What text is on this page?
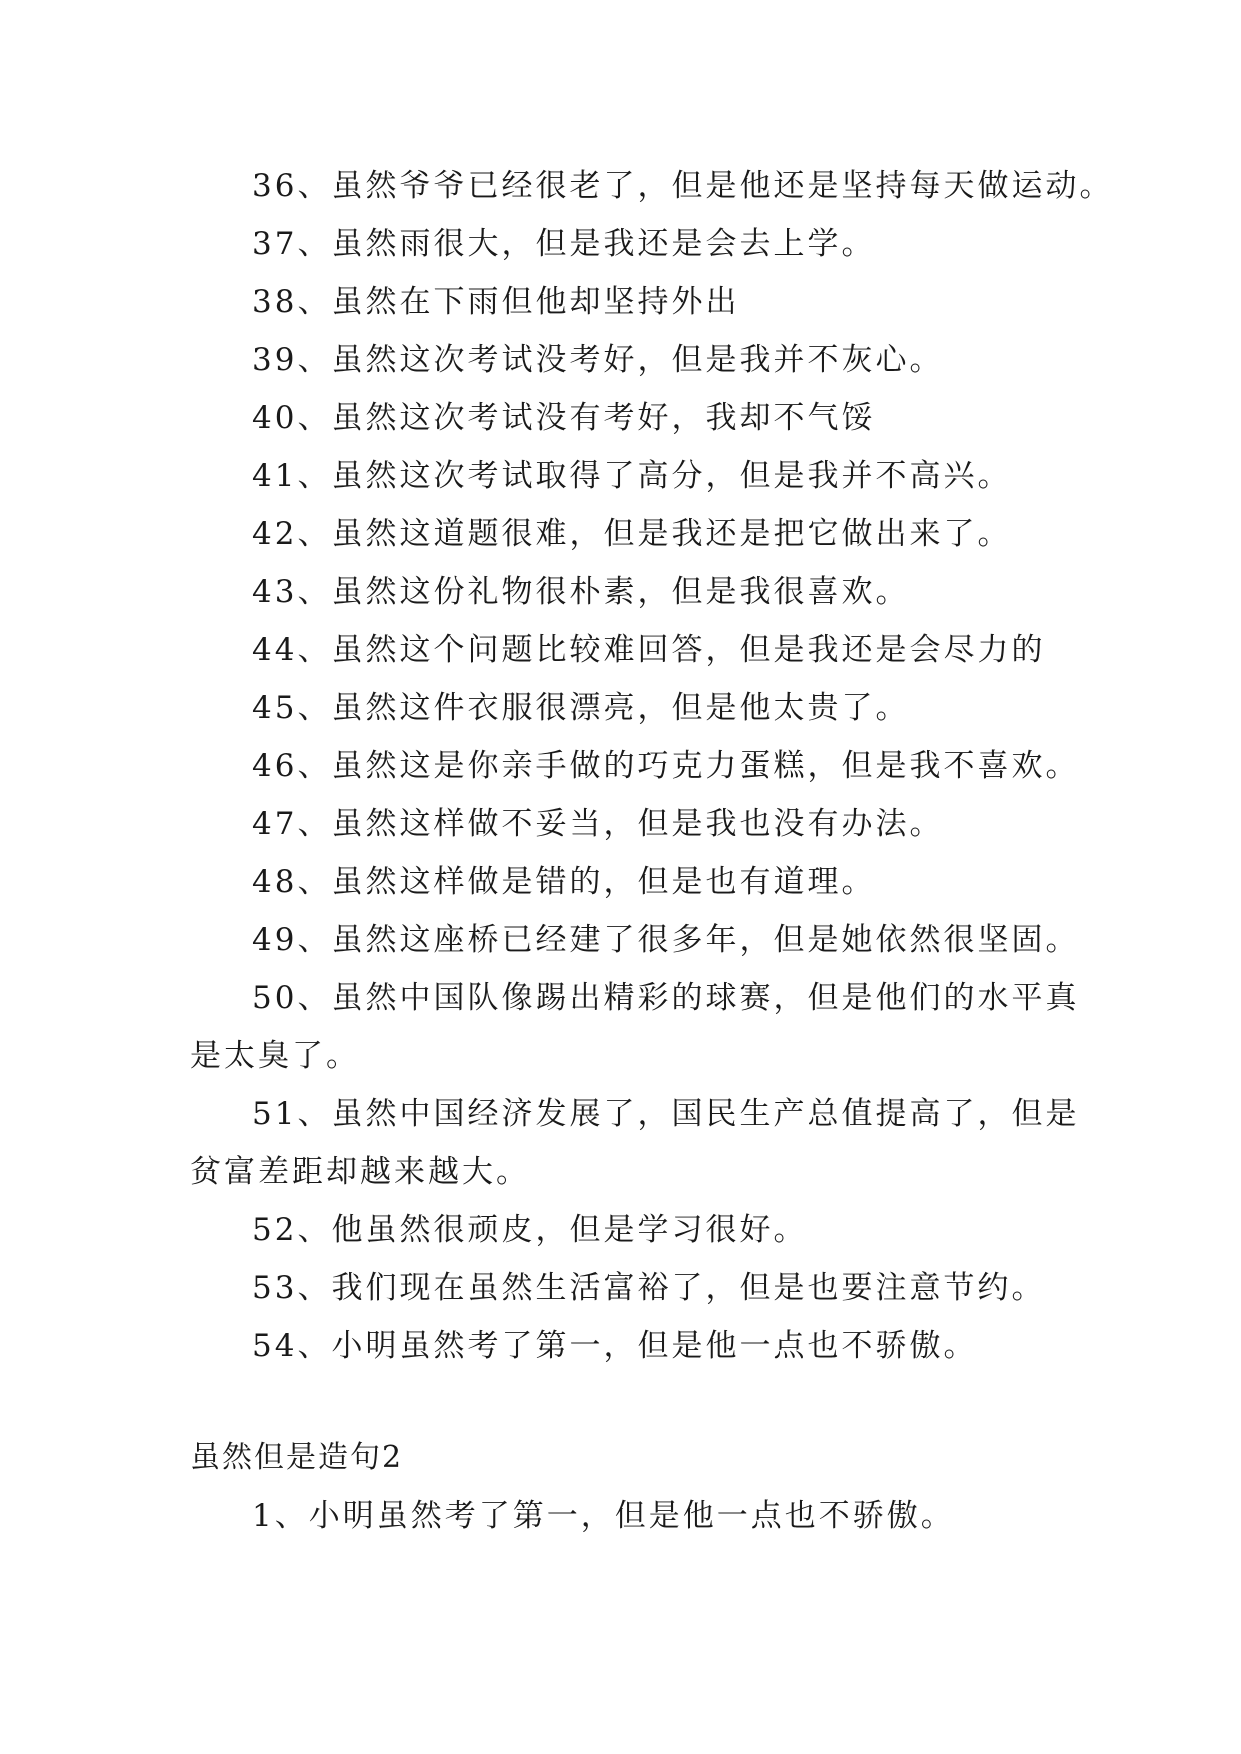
36、虽然爷爷已经很老了，但是他还是坚持每天做运动。

37、虽然雨很大，但是我还是会去上学。

38、虽然在下雨但他却坚持外出

39、虽然这次考试没考好，但是我并不灰心。

40、虽然这次考试没有考好，我却不气馁

41、虽然这次考试取得了高分，但是我并不高兴。

42、虽然这道题很难，但是我还是把它做出来了。

43、虽然这份礼物很朴素，但是我很喜欢。

44、虽然这个问题比较难回答，但是我还是会尽力的

45、虽然这件衣服很漂亮，但是他太贵了。

46、虽然这是你亲手做的巧克力蛋糕，但是我不喜欢。

47、虽然这样做不妥当，但是我也没有办法。

48、虽然这样做是错的，但是也有道理。

49、虽然这座桥已经建了很多年，但是她依然很坚固。

50、虽然中国队像踢出精彩的球赛，但是他们的水平真

是太臭了。

51、虽然中国经济发展了，国民生产总值提高了，但是

贫富差距却越来越大。

52、他虽然很顽皮，但是学习很好。

53、我们现在虽然生活富裕了，但是也要注意节约。

54、小明虽然考了第一，但是他一点也不骄傲。

虽然但是造句2

1、小明虽然考了第一，但是他一点也不骄傲。
